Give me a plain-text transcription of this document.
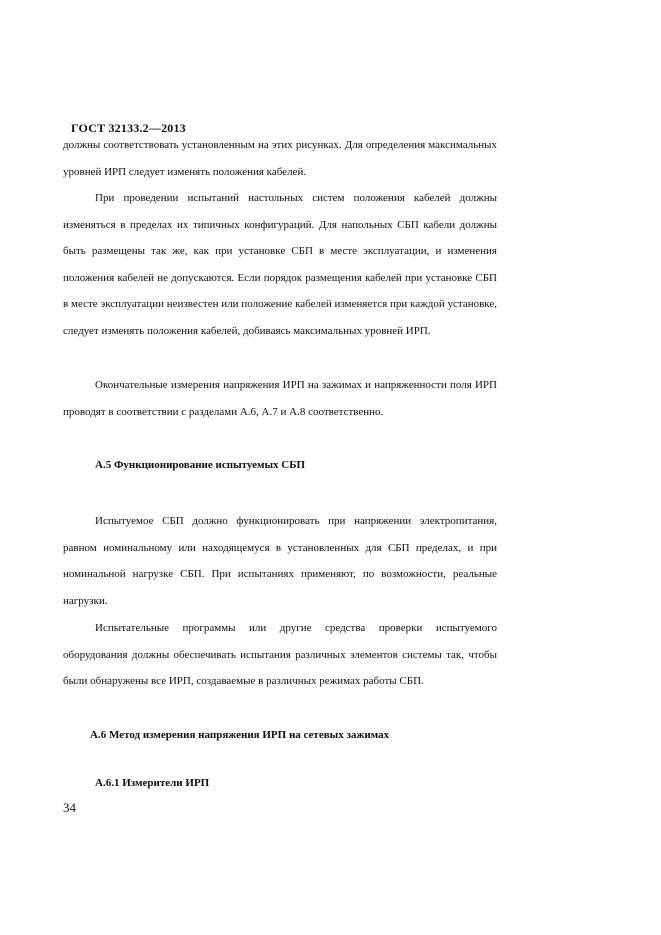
ГОСТ 32133.2—2013
должны соответствовать установленным на этих рисунках. Для определения максимальных уровней ИРП следует изменять положения кабелей.
При проведении испытаний настольных систем положения кабелей должны изменяться в пределах их типичных конфигураций. Для напольных СБП кабели должны быть размещены так же, как при установке СБП в месте эксплуатации, и изменения положения кабелей не допускаются. Если порядок размещения кабелей при установке СБП в месте эксплуатации неизвестен или положение кабелей изменяется при каждой установке, следует изменять положения кабелей, добиваясь максимальных уровней ИРП.
Окончательные измерения напряжения ИРП на зажимах и напряженности поля ИРП проводят в соответствии с разделами А.6, А.7 и А.8 соответственно.
А.5 Функционирование испытуемых СБП
Испытуемое СБП должно функционировать при напряжении электропитания, равном номинальному или находящемуся в установленных для СБП пределах, и при номинальной нагрузке СБП. При испытаниях применяют, по возможности, реальные нагрузки.
Испытательные программы или другие средства проверки испытуемого оборудования должны обеспечивать испытания различных элементов системы так, чтобы были обнаружены все ИРП, создаваемые в различных режимах работы СБП.
А.6 Метод измерения напряжения ИРП на сетевых зажимах
А.6.1 Измерители ИРП
34
